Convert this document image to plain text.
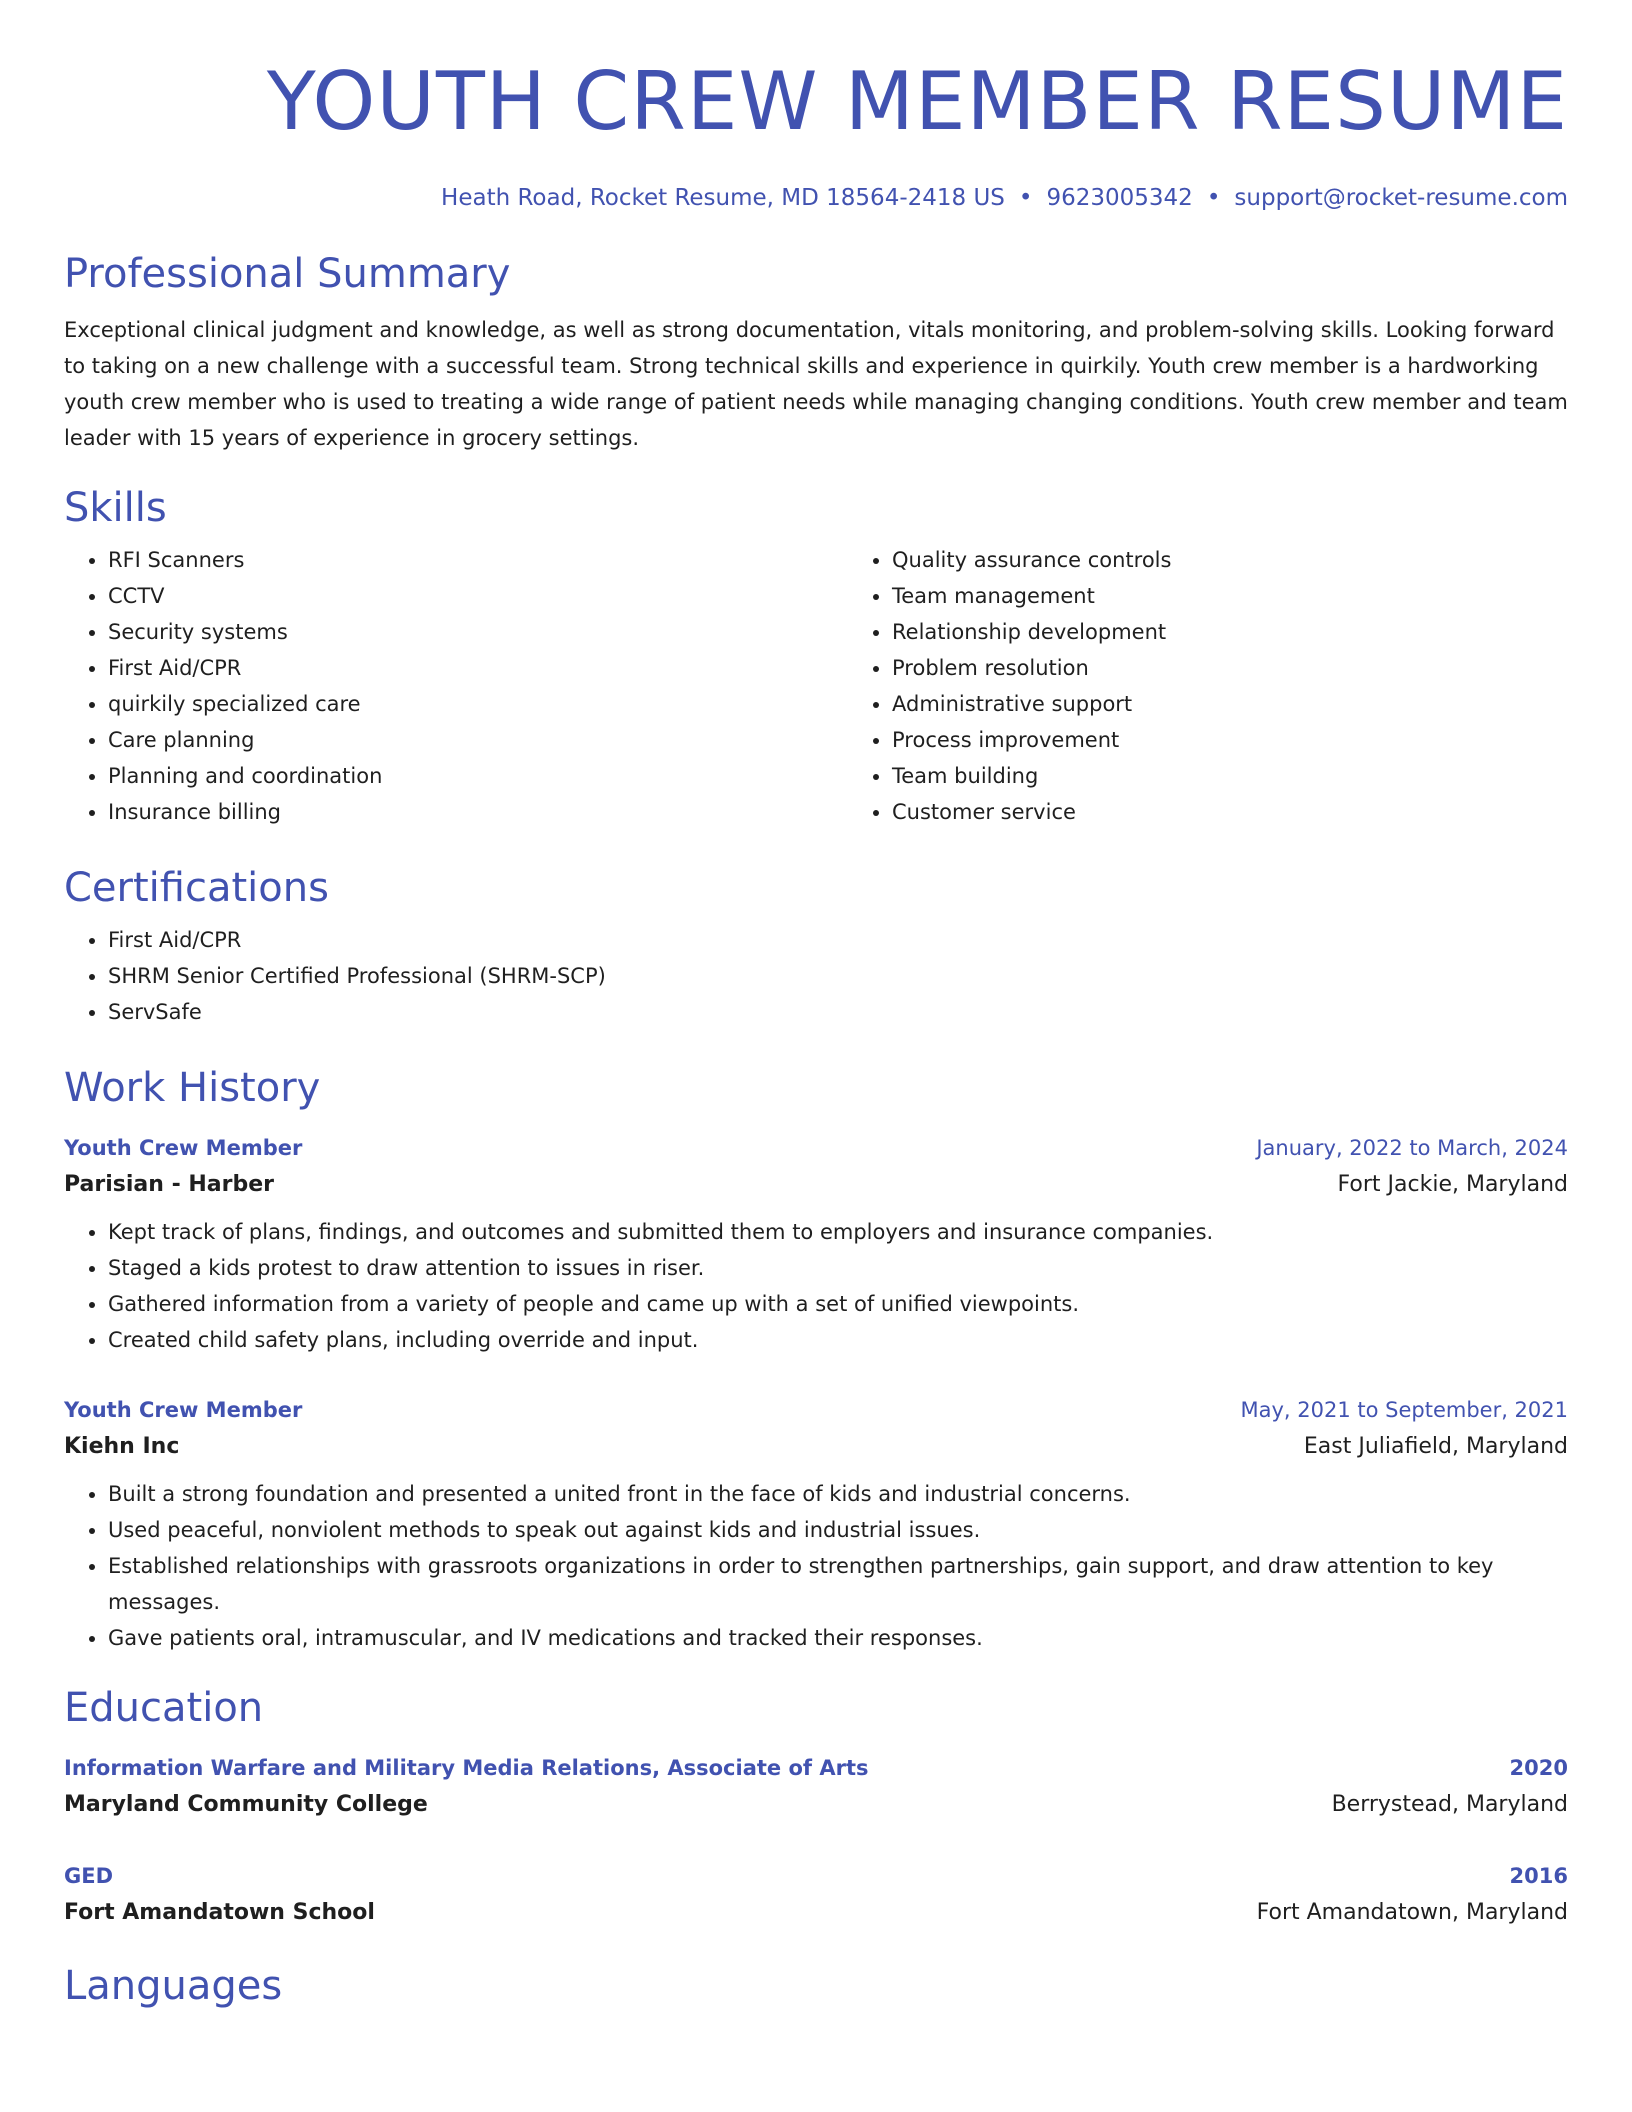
YOUTH CREW MEMBER RESUME
Heath Road, Rocket Resume, MD 18564-2418 US • 9623005342 • support@rocket-resume.com
Professional Summary

Exceptional clinical judgment and knowledge, as well as strong documentation, vitals monitoring, and problem-solving skills. Looking forward to taking on a new challenge with a successful team. Strong technical skills and experience in quirkily. Youth crew member is a hardworking youth crew member who is used to treating a wide range of patient needs while managing changing conditions. Youth crew member and team leader with 15 years of experience in grocery settings.

Skills
• RFI Scanners
• CCTV
• Security systems
• First Aid/CPR
• quirkily specialized care
• Care planning
• Planning and coordination
• Insurance billing
• Quality assurance controls
• Team management
• Relationship development
• Problem resolution
• Administrative support
• Process improvement
• Team building
• Customer service
Certifications
• First Aid/CPR
• SHRM Senior Certified Professional (SHRM-SCP)
• ServSafe
Work History
Youth Crew Member	January, 2022 to March, 2024
Parisian - Harber	Fort Jackie, Maryland
• Kept track of plans, findings, and outcomes and submitted them to employers and insurance companies.
• Staged a kids protest to draw attention to issues in riser.
• Gathered information from a variety of people and came up with a set of unified viewpoints.
• Created child safety plans, including override and input.
Youth Crew Member	May, 2021 to September, 2021
Kiehn Inc	East Juliafield, Maryland
• Built a strong foundation and presented a united front in the face of kids and industrial concerns.
• Used peaceful, nonviolent methods to speak out against kids and industrial issues.
• Established relationships with grassroots organizations in order to strengthen partnerships, gain support, and draw attention to key messages.
• Gave patients oral, intramuscular, and IV medications and tracked their responses.
Education
Information Warfare and Military Media Relations, Associate of Arts	2020
Maryland Community College	Berrystead, Maryland
GED	2016
Fort Amandatown School	Fort Amandatown, Maryland
Languages
